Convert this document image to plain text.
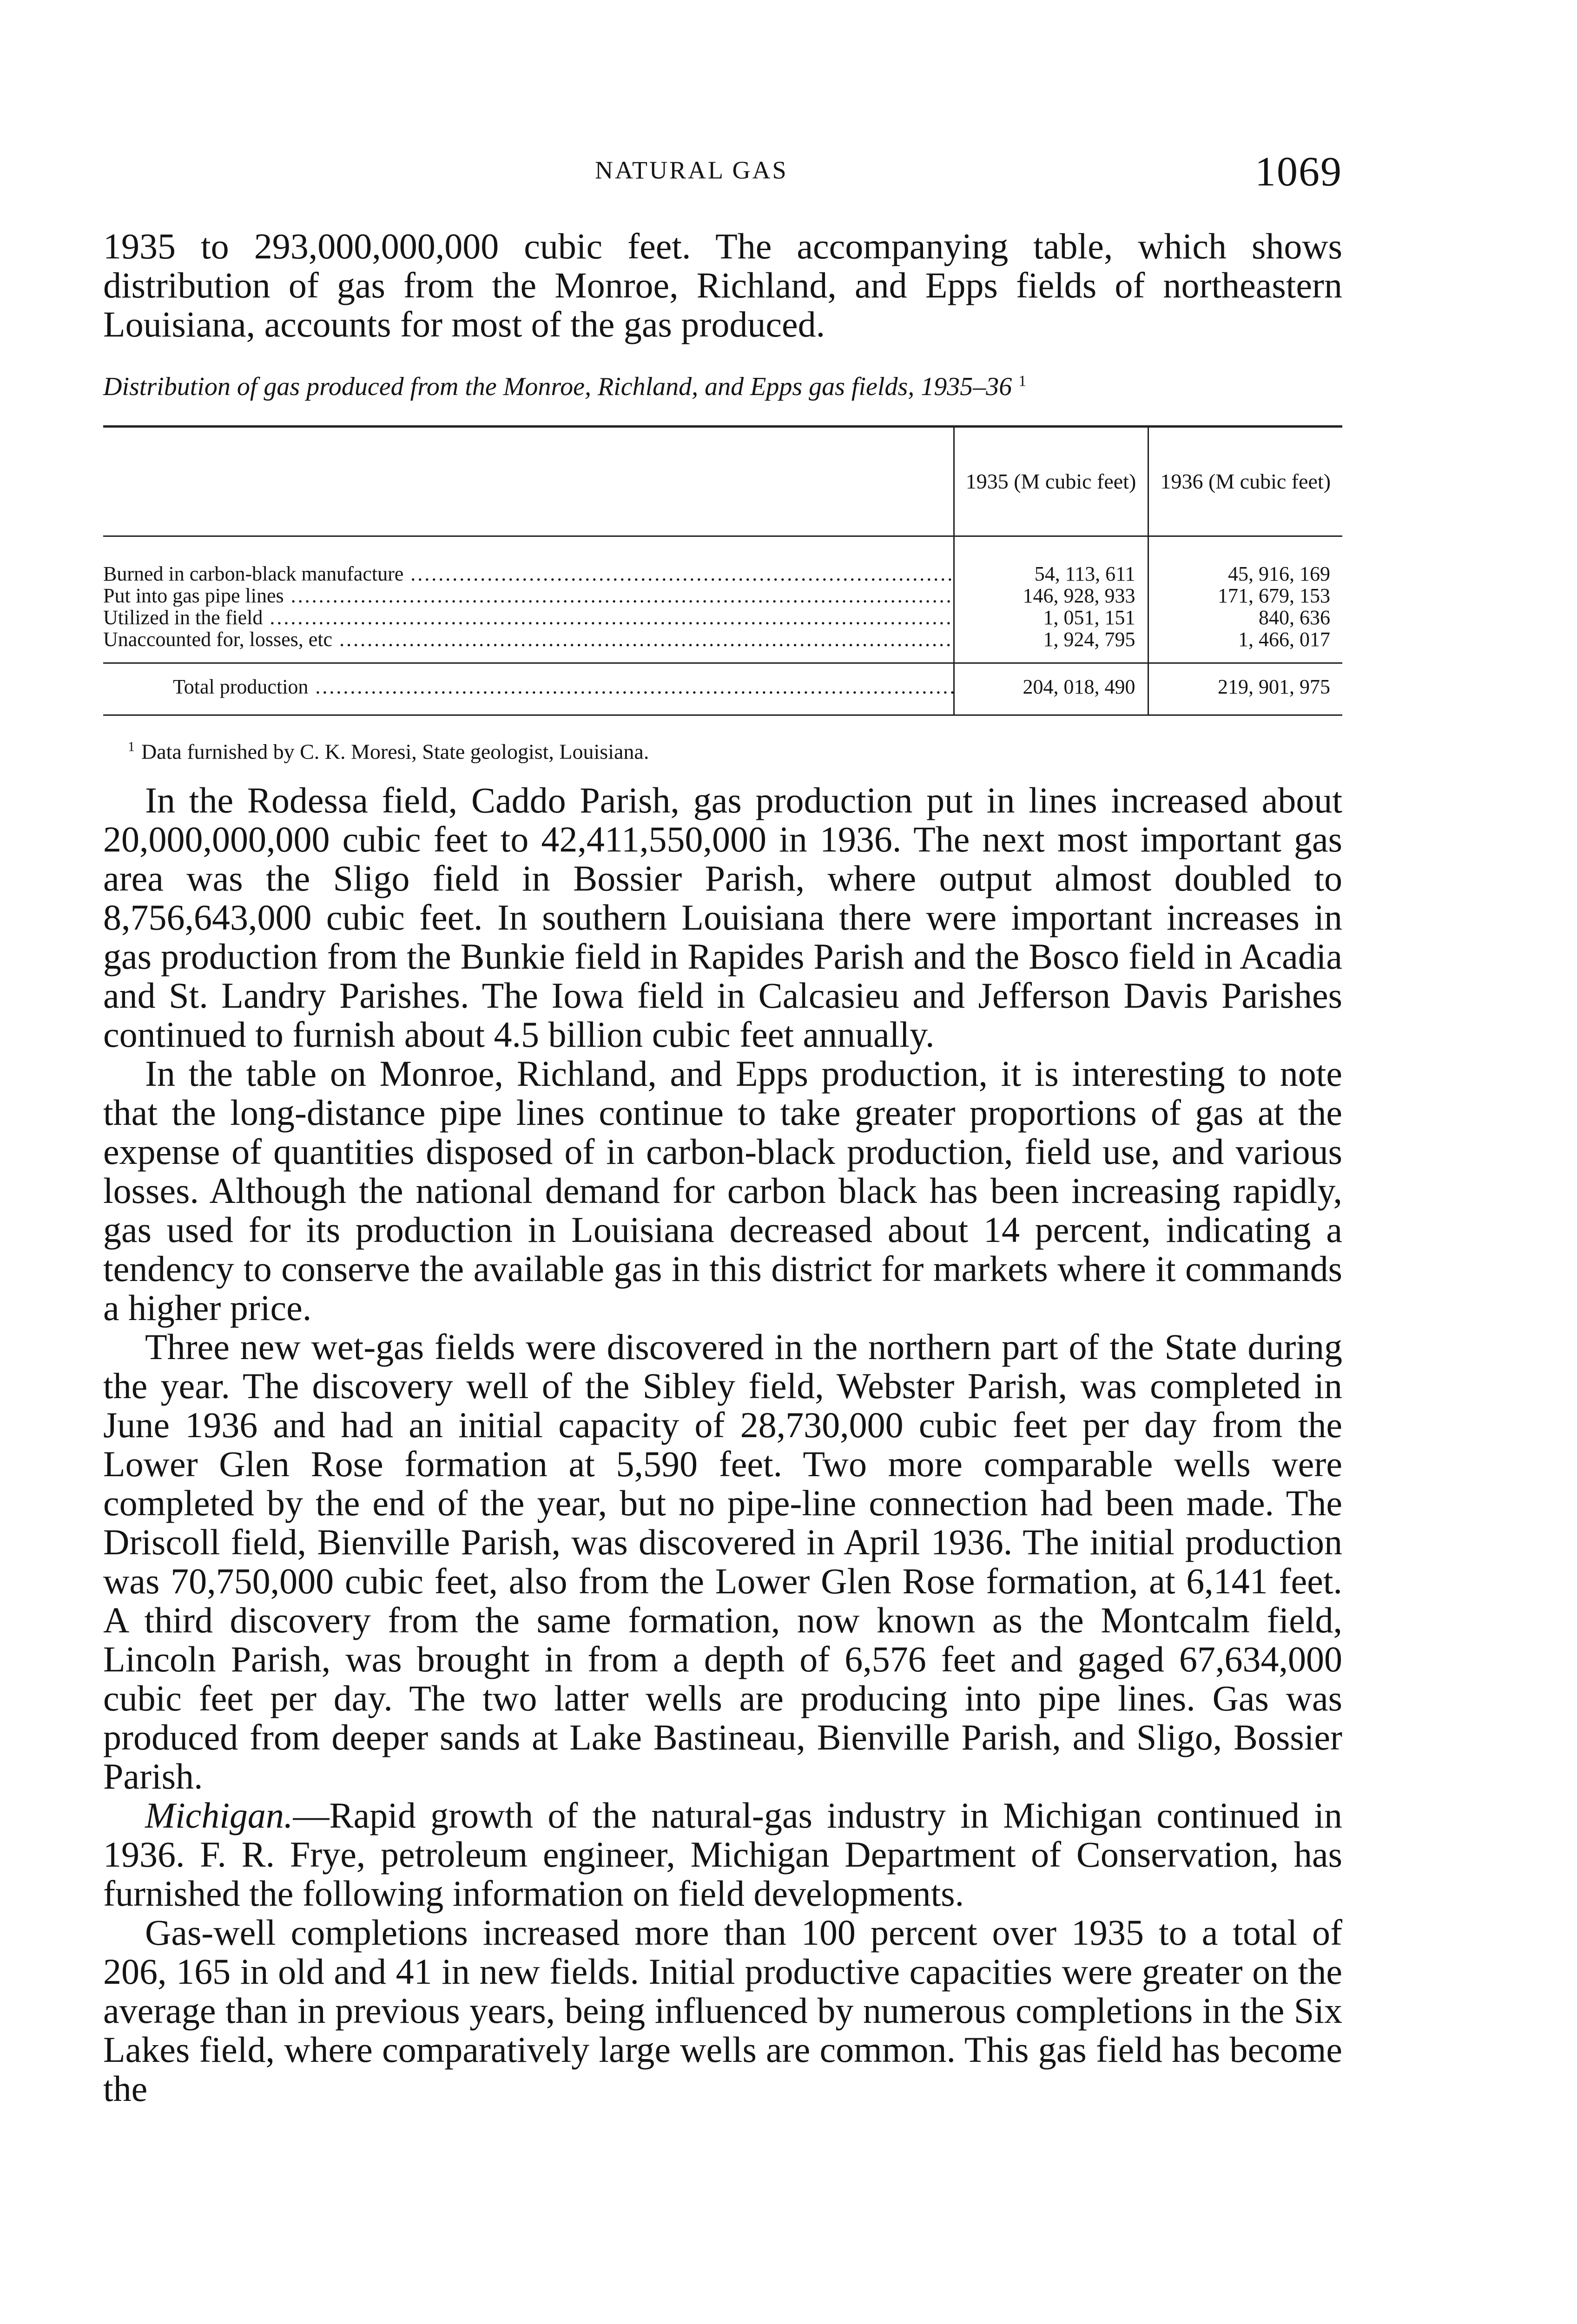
NATURAL GAS	1069

1935 to 293,000,000,000 cubic feet. The accompanying table, which shows distribution of gas from the Monroe, Richland, and Epps fields of northeastern Louisiana, accounts for most of the gas produced.

Distribution of gas produced from the Monroe, Richland, and Epps gas fields, 1935–36 $^1$
	1935 (M cubic feet)	1936 (M cubic feet)
Burned in carbon-black manufacture .....	54, 113, 611	45, 916, 169
Put into gas pipe lines .....	146, 928, 933	171, 679, 153
Utilized in the field .....	1, 051, 151	840, 636
Unaccounted for, losses, etc .....	1, 924, 795	1, 466, 017
Total production .....	204, 018, 490	219, 901, 975
$^1$ Data furnished by C. K. Moresi, State geologist, Louisiana.

In the Rodessa field, Caddo Parish, gas production put in lines increased about 20,000,000,000 cubic feet to 42,411,550,000 in 1936. The next most important gas area was the Sligo field in Bossier Parish, where output almost doubled to 8,756,643,000 cubic feet. In southern Louisiana there were important increases in gas production from the Bunkie field in Rapides Parish and the Bosco field in Acadia and St. Landry Parishes. The Iowa field in Calcasieu and Jefferson Davis Parishes continued to furnish about 4.5 billion cubic feet annually.

In the table on Monroe, Richland, and Epps production, it is interesting to note that the long-distance pipe lines continue to take greater proportions of gas at the expense of quantities disposed of in carbon-black production, field use, and various losses. Although the national demand for carbon black has been increasing rapidly, gas used for its production in Louisiana decreased about 14 percent, indicating a tendency to conserve the available gas in this district for markets where it commands a higher price.

Three new wet-gas fields were discovered in the northern part of the State during the year. The discovery well of the Sibley field, Webster Parish, was completed in June 1936 and had an initial capacity of 28,730,000 cubic feet per day from the Lower Glen Rose formation at 5,590 feet. Two more comparable wells were completed by the end of the year, but no pipe-line connection had been made. The Driscoll field, Bienville Parish, was discovered in April 1936. The initial production was 70,750,000 cubic feet, also from the Lower Glen Rose formation, at 6,141 feet. A third discovery from the same formation, now known as the Montcalm field, Lincoln Parish, was brought in from a depth of 6,576 feet and gaged 67,634,000 cubic feet per day. The two latter wells are producing into pipe lines. Gas was produced from deeper sands at Lake Bastineau, Bienville Parish, and Sligo, Bossier Parish.

Michigan.—Rapid growth of the natural-gas industry in Michigan continued in 1936. F. R. Frye, petroleum engineer, Michigan Department of Conservation, has furnished the following information on field developments.

Gas-well completions increased more than 100 percent over 1935 to a total of 206, 165 in old and 41 in new fields. Initial productive capacities were greater on the average than in previous years, being influenced by numerous completions in the Six Lakes field, where comparatively large wells are common. This gas field has become the
